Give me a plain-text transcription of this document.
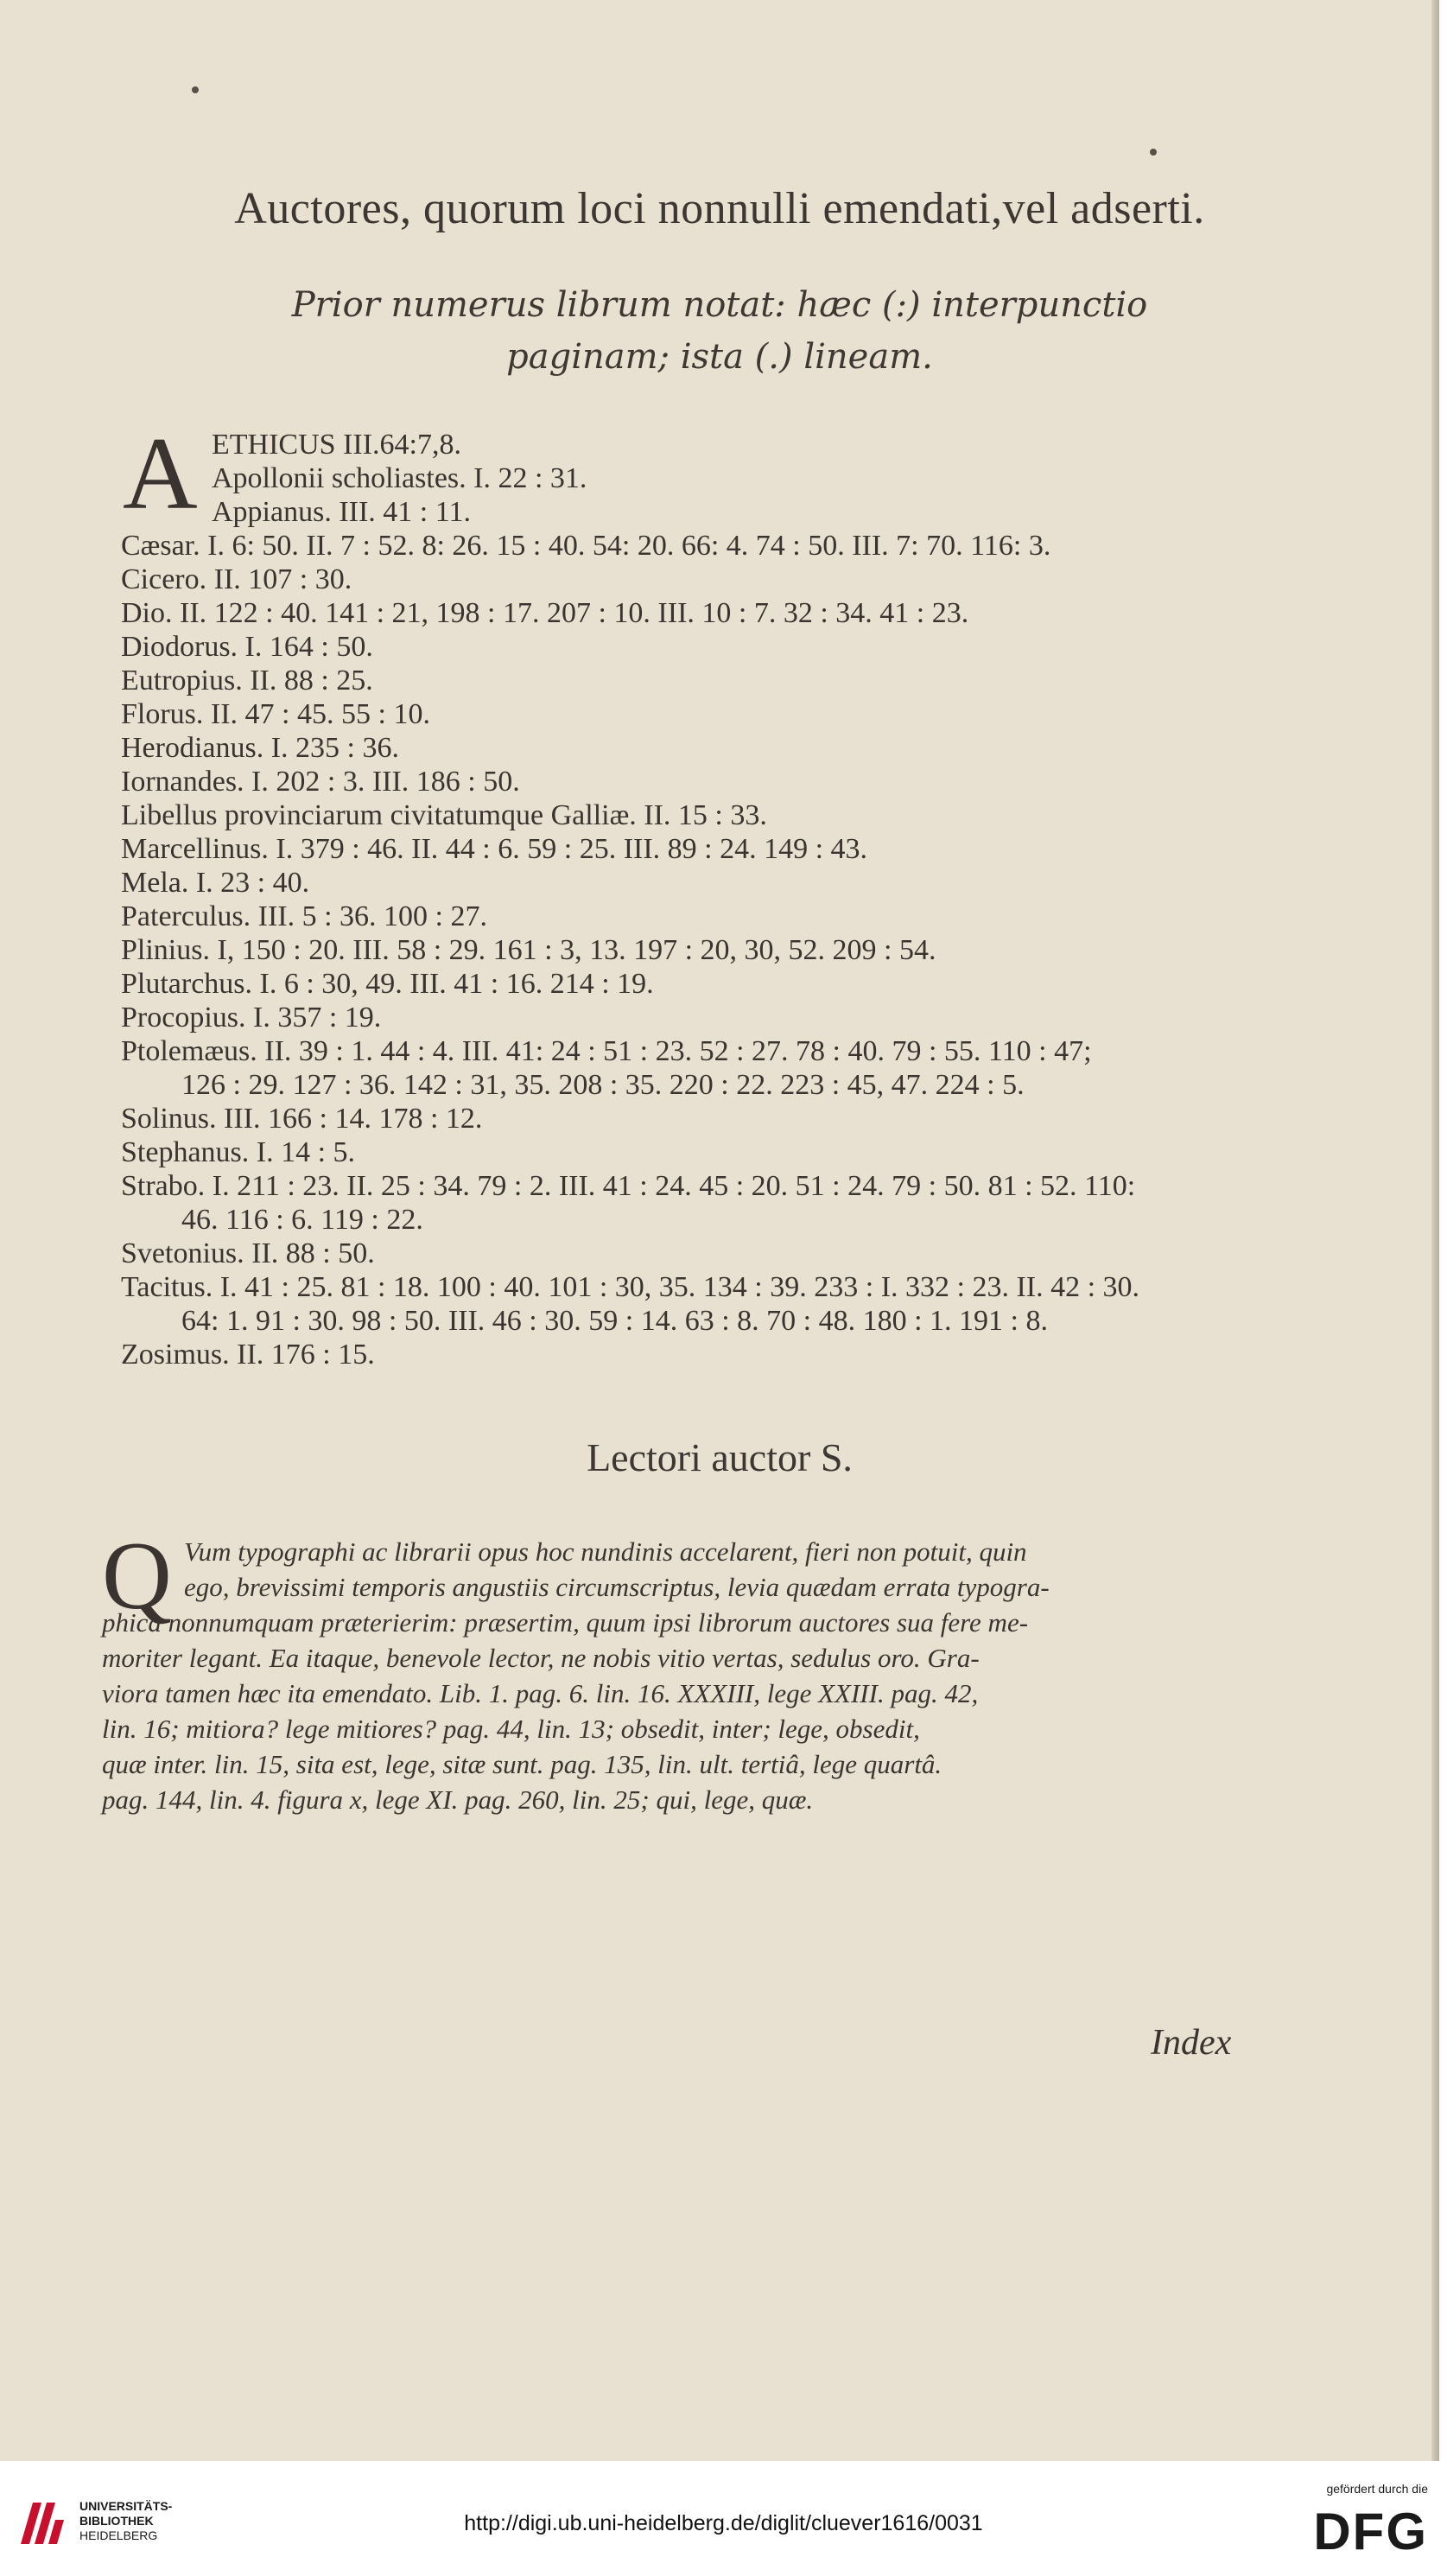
Auctores, quorum loci nonnulli emendati,vel adserti.
Prior numerus librum notat: hæc (:) interpunctio
paginam; ista (.) lineam.
A ETHICUS III.64:7,8.
Apollonii scholiastes. I. 22 : 31.
Appianus. III. 41 : 11.
Cæsar. I. 6: 50. II. 7 : 52. 8: 26. 15 : 40. 54: 20. 66: 4. 74 : 50. III. 7: 70. 116: 3.
Cicero. II. 107 : 30.
Dio. II. 122 : 40. 141 : 21, 198 : 17. 207 : 10. III. 10 : 7. 32 : 34. 41 : 23.
Diodorus. I. 164 : 50.
Eutropius. II. 88 : 25.
Florus. II. 47 : 45. 55 : 10.
Herodianus. I. 235 : 36.
Iornandes. I. 202 : 3. III. 186 : 50.
Libellus provinciarum civitatumque Galliæ. II. 15 : 33.
Marcellinus. I. 379 : 46. II. 44 : 6. 59 : 25. III. 89 : 24. 149 : 43.
Mela. I. 23 : 40.
Paterculus. III. 5 : 36. 100 : 27.
Plinius. I, 150 : 20. III. 58 : 29. 161 : 3, 13. 197 : 20, 30, 52. 209 : 54.
Plutarchus. I. 6 : 30, 49. III. 41 : 16. 214 : 19.
Procopius. I. 357 : 19.
Ptolemæus. II. 39 : 1. 44 : 4. III. 41: 24 : 51 : 23. 52 : 27. 78 : 40. 79 : 55. 110 : 47;
126 : 29. 127 : 36. 142 : 31, 35. 208 : 35. 220 : 22. 223 : 45, 47. 224 : 5.
Solinus. III. 166 : 14. 178 : 12.
Stephanus. I. 14 : 5.
Strabo. I. 211 : 23. II. 25 : 34. 79 : 2. III. 41 : 24. 45 : 20. 51 : 24. 79 : 50. 81 : 52. 110:
46. 116 : 6. 119 : 22.
Svetonius. II. 88 : 50.
Tacitus. I. 41 : 25. 81 : 18. 100 : 40. 101 : 30, 35. 134 : 39. 233 : I. 332 : 23. II. 42 : 30.
64: 1. 91 : 30. 98 : 50. III. 46 : 30. 59 : 14. 63 : 8. 70 : 48. 180 : 1. 191 : 8.
Zosimus. II. 176 : 15.
Lectori auctor S.
Q Vum typographi ac librarii opus hoc nundinis accelarent, fieri non potuit, quin
ego, brevissimi temporis angustiis circumscriptus, levia quædam errata typogra-
phica nonnumquam præterierim: præsertim, quum ipsi librorum auctores sua fere me-
moriter legant. Ea itaque, benevole lector, ne nobis vitio vertas, sedulus oro. Gra-
viora tamen hæc ita emendato. Lib. 1. pag. 6. lin. 16. XXXIII, lege XXIII. pag. 42,
lin. 16; mitiora? lege mitiores? pag. 44, lin. 13; obsedit, inter; lege, obsedit,
quæ inter. lin. 15, sita est, lege, sitæ sunt. pag. 135, lin. ult. tertiâ, lege quartâ.
pag. 144, lin. 4. figura x, lege XI. pag. 260, lin. 25; qui, lege, quæ.
Index
UNIVERSITÄTS-
BIBLIOTHEK
HEIDELBERG	http://digi.ub.uni-heidelberg.de/diglit/cluever1616/0031
gefördert durch die
DFG
